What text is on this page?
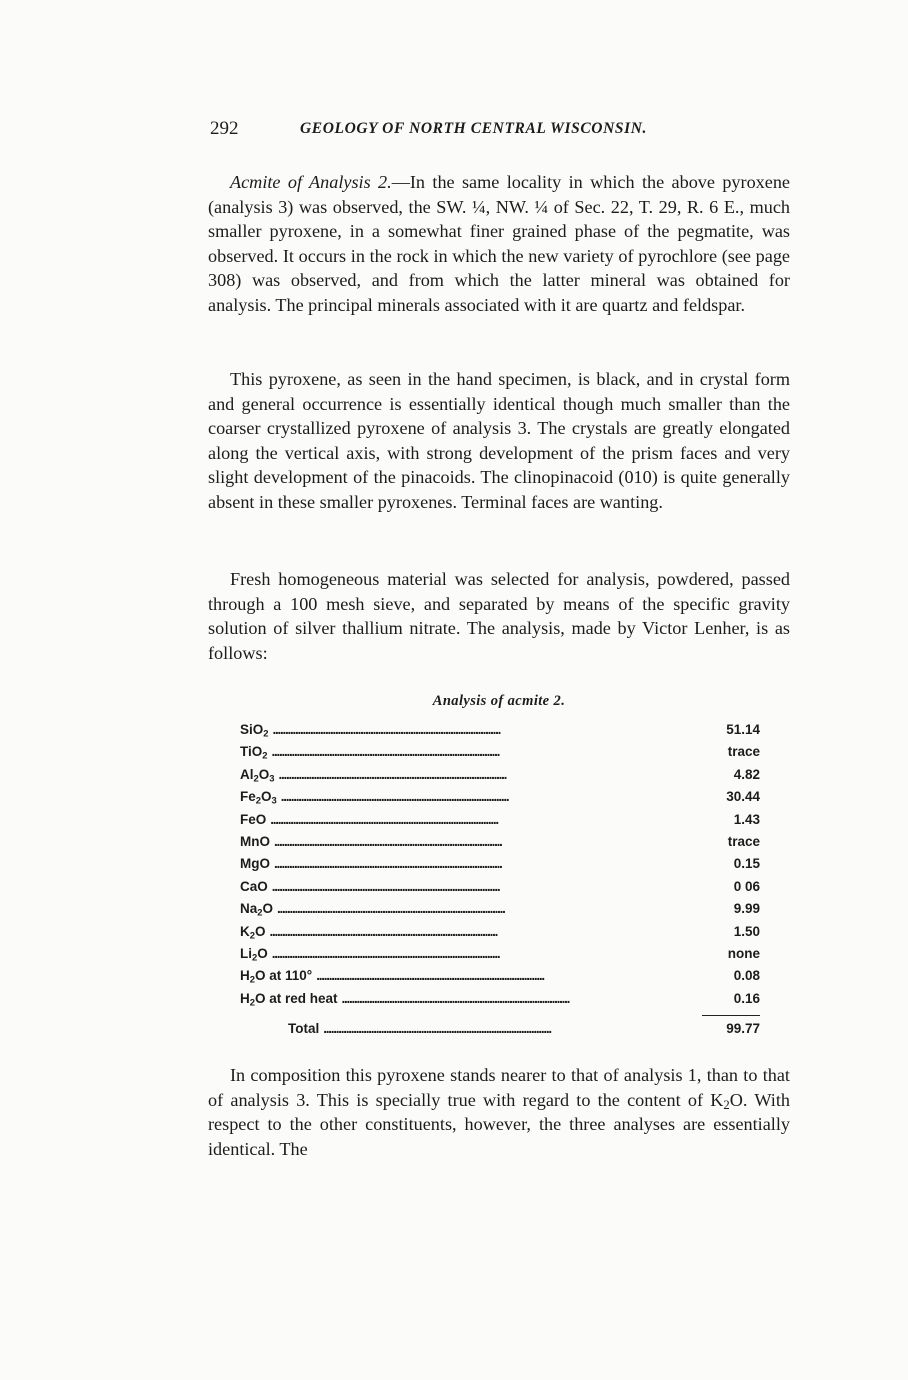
292	GEOLOGY OF NORTH CENTRAL WISCONSIN.

Acmite of Analysis 2.—In the same locality in which the above pyroxene (analysis 3) was observed, the SW. ¼, NW. ¼ of Sec. 22, T. 29, R. 6 E., much smaller pyroxene, in a somewhat finer grained phase of the pegmatite, was observed. It occurs in the rock in which the new variety of pyrochlore (see page 308) was observed, and from which the latter mineral was obtained for analysis. The principal minerals associated with it are quartz and feldspar.

This pyroxene, as seen in the hand specimen, is black, and in crystal form and general occurrence is essentially identical though much smaller than the coarser crystallized pyroxene of analysis 3. The crystals are greatly elongated along the vertical axis, with strong development of the prism faces and very slight development of the pinacoids. The clinopinacoid (010) is quite generally absent in these smaller pyroxenes. Terminal faces are wanting.

Fresh homogeneous material was selected for analysis, powdered, passed through a 100 mesh sieve, and separated by means of the specific gravity solution of silver thallium nitrate. The analysis, made by Victor Lenher, is as follows:

Analysis of acmite 2.
SiO$_2$ . . .	51.14
TiO$_2$ . . .	trace
$Al_2O_3$ . . .	4.82
$Fe_2O_3$ . . .	30.44
FeO . . .	1.43
MnO . . .	trace
MgO . . .	0.15
CaO . . .	0 06
$Na_2O$ . . .	9.99
$K_2O$ . . .	1.50
$Li_2O$ . . .	none
$H_2O$ at 110° . . .	0.08
$H_2O$ at red heat . . .	0.16
Total . . .	99.77

In composition this pyroxene stands nearer to that of analysis 1, than to that of analysis 3. This is specially true with regard to the content of $K_2O$. With respect to the other constituents, however, the three analyses are essentially identical. The
